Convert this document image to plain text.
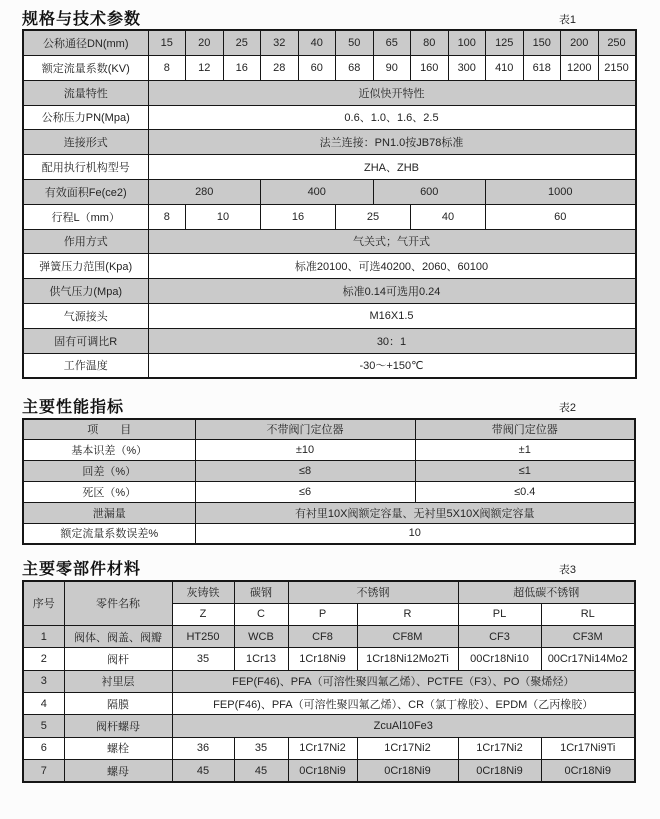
规格与技术参数	表1
公称通径DN(mm)	15	20	25	32	40	50	65	80	100	125	150	200	250
额定流量系数(KV)	8	12	16	28	60	68	90	160	300	410	618	1200	2150
流量特性	近似快开特性												
公称压力PN(Mpa)	0.6、1.0、1.6、2.5												
连接形式	法兰连接：PN1.0按JB78标准												
配用执行机构型号	ZHA、ZHB												
有效面积Fe(ce2)	280			400			600			1000			
行程L（mm）	8	10		16		25		40		60			
作用方式	气关式；气开式												
弹簧压力范围(Kpa)	标准20100、可选40200、2060、60100												
供气压力(Mpa)	标准0.14可选用0.24												
气源接头	M16X1.5												
固有可调比R	30：1												
工作温度	-30～+150℃												
主要性能指标	表2
项　　目	不带阀门定位器	带阀门定位器
基本识差（%）	±10	±1
回差（%）	≤8	≤1
死区（%）	≤6	≤0.4
泄漏量	有衬里10X阀额定容量、无衬里5X10X阀额定容量	
额定流量系数误差%	10	
主要零部件材料	表3
序号	零件名称	灰铸铁	碳钢	不锈钢		超低碳不锈钢	
		Z	C	P	R	PL	RL
1	阀体、阀盖、阀瓣	HT250	WCB	CF8	CF8M	CF3	CF3M
2	阀杆	35	1Cr13	1Cr18Ni9	1Cr18Ni12Mo2Ti	00Cr18Ni10	00Cr17Ni14Mo2
3	衬里层	FEP(F46)、PFA（可溶性聚四氟乙烯）、PCTFE（F3）、PO（聚烯烃）					
4	隔膜	FEP(F46)、PFA（可溶性聚四氟乙烯）、CR（氯丁橡胶）、EPDM（乙丙橡胶）					
5	阀杆螺母	ZcuAl10Fe3					
6	螺栓	36	35	1Cr17Ni2	1Cr17Ni2	1Cr17Ni2	1Cr17Ni9Ti
7	螺母	45	45	0Cr18Ni9	0Cr18Ni9	0Cr18Ni9	0Cr18Ni9
